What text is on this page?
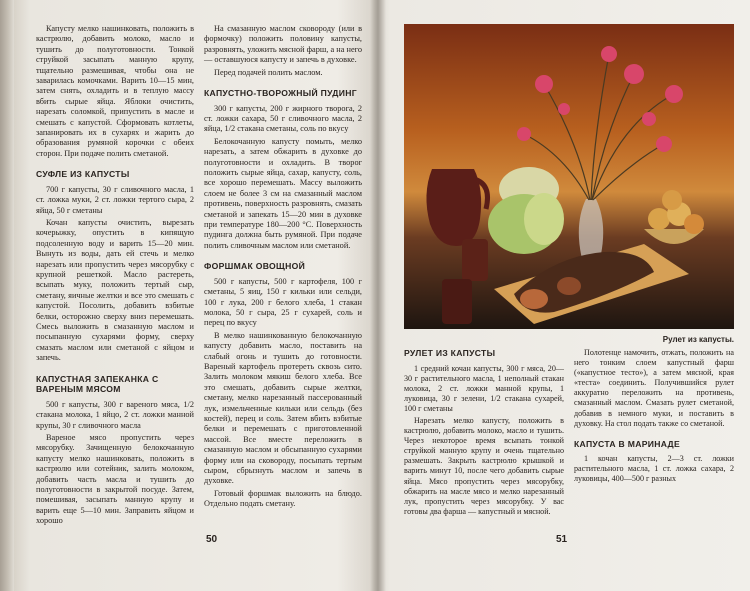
Капусту мелко нашинковать, положить в кастрюлю, добавить молоко, масло и тушить до полуготовности. Тонкой струйкой засыпать манную крупу, тщательно размешивая, чтобы она не заварилась комочками. Варить 10—15 мин, затем снять, охладить и в теплую массу вбить сырые яйца. Яблоки очистить, нарезать соломкой, припустить в масле и смешать с капустой. Сформовать котлеты, запанировать их в сухарях и жарить до образования румяной корочки с обеих сторон. При подаче полить сметаной.

СУФЛЕ ИЗ КАПУСТЫ

700 г капусты, 30 г сливочного масла, 1 ст. ложка муки, 2 ст. ложки тертого сыра, 2 яйца, 50 г сметаны

Кочан капусты очистить, вырезать кочерыжку, опустить в кипящую подсоленную воду и варить 15—20 мин. Вынуть из воды, дать ей стечь и мелко нарезать или пропустить через мясорубку с крупной решеткой. Масло растереть, всыпать муку, положить тертый сыр, сметану, яичные желтки и все это смешать с капустой. Посолить, добавить взбитые белки, осторожно сверху вниз перемешать. Смесь выложить в смазанную маслом и посыпанную сухарями форму, сверху смазать маслом или сметаной с яйцом и запечь.

КАПУСТНАЯ ЗАПЕКАНКА С ВАРЕНЫМ МЯСОМ

500 г капусты, 300 г вареного мяса, 1/2 стакана молока, 1 яйцо, 2 ст. ложки манной крупы, 30 г сливочного масла

Вареное мясо пропустить через мясорубку. Зачищенную белокочанную капусту мелко нашинковать, положить в кастрюлю или сотейник, залить молоком, добавить часть масла и тушить до полуготовности в закрытой посуде. Затем, помешивая, засыпать манную крупу и варить еще 5—10 мин. Заправить яйцом и хорошо

На смазанную маслом сковороду (или в формочку) положить половину капусты, разровнять, уложить мясной фарш, а на него — оставшуюся капусту и запечь в духовке.

Перед подачей полить маслом.

КАПУСТНО-ТВОРОЖНЫЙ ПУДИНГ

300 г капусты, 200 г жирного творога, 2 ст. ложки сахара, 50 г сливочного масла, 2 яйца, 1/2 стакана сметаны, соль по вкусу

Белокочанную капусту помыть, мелко нарезать, а затем обжарить в духовке до полуготовности и охладить. В творог положить сырые яйца, сахар, капусту, соль, все хорошо перемешать. Массу выложить слоем не более 3 см на смазанный маслом противень, поверхность разровнять, смазать сметаной и запекать 15—20 мин в духовке при температуре 180—200 °С. Поверхность пудинга должна быть румяной. При подаче полить сливочным маслом или сметаной.

ФОРШМАК ОВОЩНОЙ

500 г капусты, 500 г картофеля, 100 г сметаны, 5 яиц, 150 г кильки или сельди, 100 г лука, 200 г белого хлеба, 1 стакан молока, 50 г сыра, 25 г сухарей, соль и перец по вкусу

В мелко нашинкованную белокочанную капусту добавить масло, поставить на слабый огонь и тушить до готовности. Вареный картофель протереть сквозь сито. Залить молоком мякиш белого хлеба. Все это смешать, добавить сырые желтки, сметану, мелко нарезанный пассерованный лук, измельченные кильки или сельдь (без костей), перец и соль. Затем вбить взбитые белки и перемешать с приготовленной массой. Все вместе переложить в смазанную маслом и обсыпанную сухарями форму или на сковороду, посыпать тертым сыром, сбрызнуть маслом и запечь в духовке.

Готовый форшмак выложить на блюдо. Отдельно подать сметану.

50
Рулет из капусты.
РУЛЕТ ИЗ КАПУСТЫ

1 средний кочан капусты, 300 г мяса, 20—30 г растительного масла, 1 неполный стакан молока, 2 ст. ложки манной крупы, 1 луковица, 30 г зелени, 1/2 стакана сухарей, 100 г сметаны

Нарезать мелко капусту, положить в кастрюлю, добавить молоко, масло и тушить. Через некоторое время всыпать тонкой струйкой манную крупу и очень тщательно размешать. Закрыть кастрюлю крышкой и варить минут 10, после чего добавить сырые яйца. Мясо пропустить через мясорубку, обжарить на масле мясо и мелко нарезанный лук, пропустить через мясорубку. У вас готовы два фарша — капустный и мясной.

Полотенце намочить, отжать, положить на него тонким слоем капустный фарш («капустное тесто»), а затем мясной, края «теста» соединить. Получившийся рулет аккуратно переложить на противень, смазанный маслом. Смазать рулет сметаной, добавив в немного муки, и поставить в духовку. На стол подать также со сметаной.

КАПУСТА В МАРИНАДЕ

1 кочан капусты, 2—3 ст. ложки растительного масла, 1 ст. ложка сахара, 2 луковицы, 400—500 г разных

51
